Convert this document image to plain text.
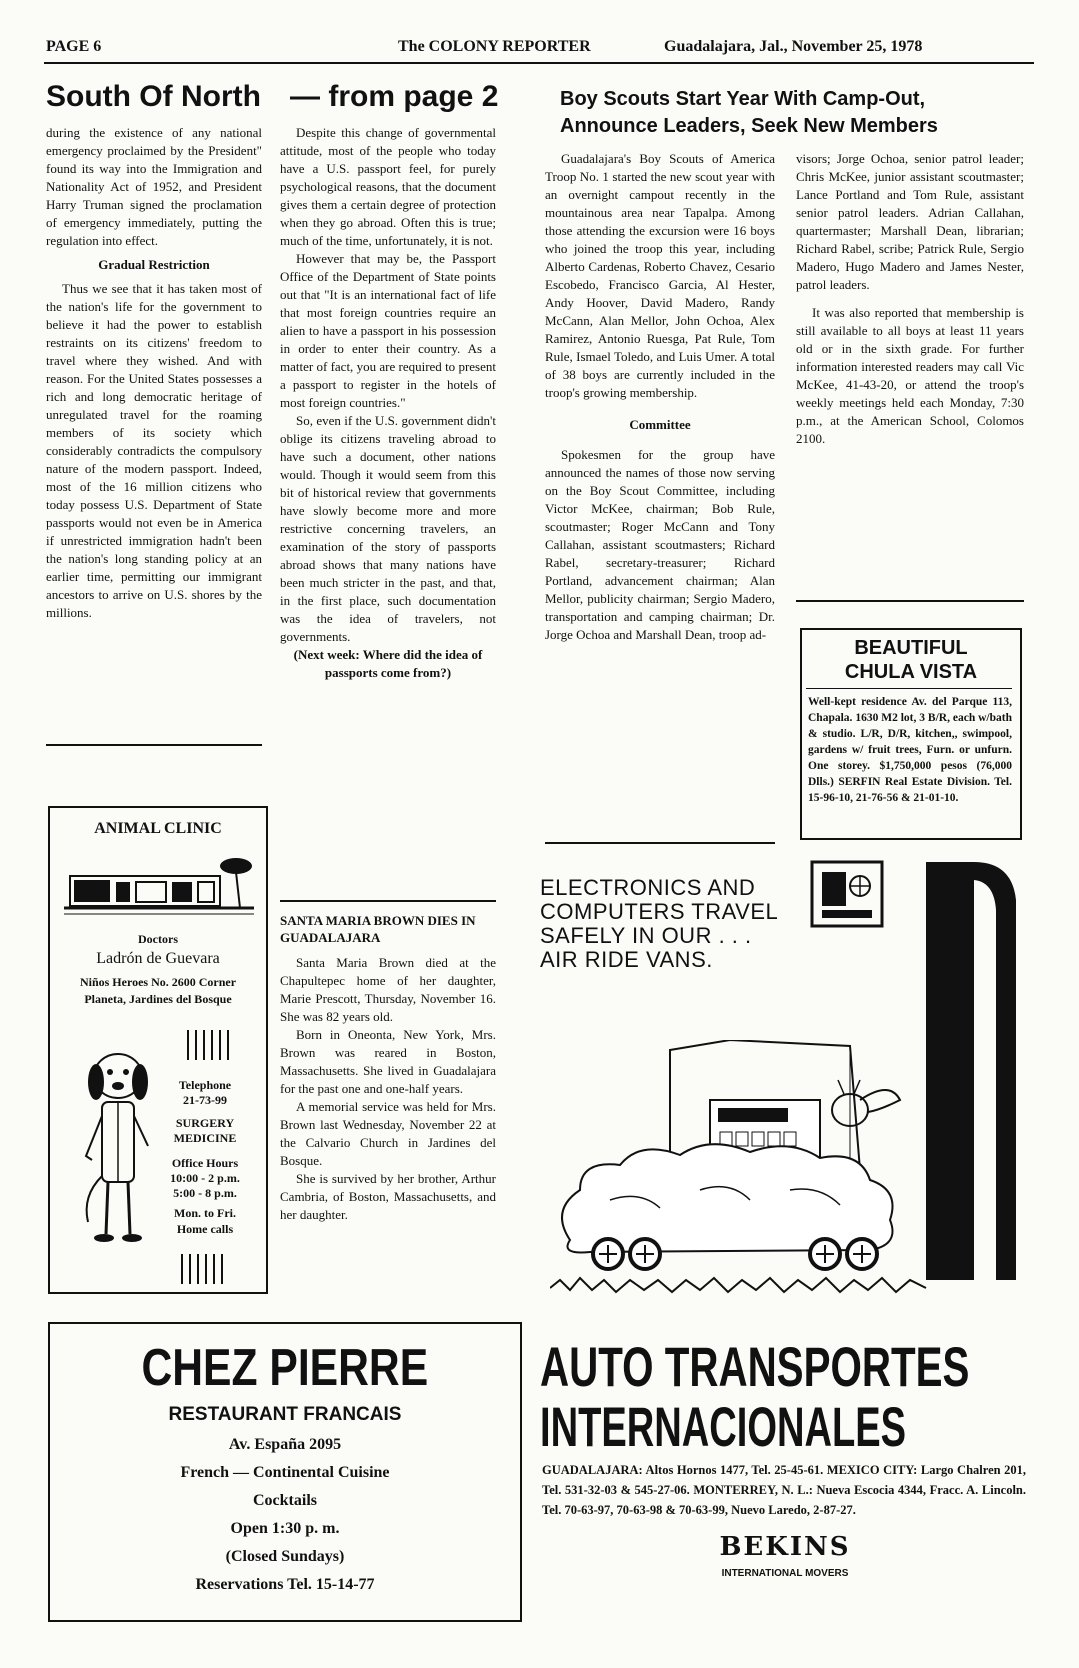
PAGE 6	The COLONY REPORTER	Guadalajara, Jal., November 25, 1978
South Of North — from page 2

during the existence of any national emergency proclaimed by the President" found its way into the Immigration and Nationality Act of 1952, and President Harry Truman signed the proclamation of emergency immediately, putting the regulation into effect.

Gradual Restriction

Thus we see that it has taken most of the nation's life for the government to believe it had the power to establish restraints on its citizens' freedom to travel where they wished. And with reason. For the United States possesses a rich and long democratic heritage of unregulated travel for the roaming members of its society which considerably contradicts the compulsory nature of the modern passport. Indeed, most of the 16 million citizens who today possess U.S. Department of State passports would not even be in America if unrestricted immigration hadn't been the nation's long standing policy at an earlier time, permitting our immigrant ancestors to arrive on U.S. shores by the millions.

Despite this change of governmental attitude, most of the people who today have a U.S. passport feel, for purely psychological reasons, that the document gives them a certain degree of protection when they go abroad. Often this is true; much of the time, unfortunately, it is not.

However that may be, the Passport Office of the Department of State points out that "It is an international fact of life that most foreign countries require an alien to have a passport in his possession in order to enter their country. As a matter of fact, you are required to present a passport to register in the hotels of most foreign countries."

So, even if the U.S. government didn't oblige its citizens traveling abroad to have such a document, other nations would. Though it would seem from this bit of historical review that governments have slowly become more and more restrictive concerning travelers, an examination of the story of passports abroad shows that many nations have been much stricter in the past, and that, in the first place, such documentation was the idea of travelers, not governments.

(Next week: Where did the idea of passports come from?)

SANTA MARIA BROWN DIES IN GUADALAJARA

Santa Maria Brown died at the Chapultepec home of her daughter, Marie Prescott, Thursday, November 16. She was 82 years old.

Born in Oneonta, New York, Mrs. Brown was reared in Boston, Massachusetts. She lived in Guadalajara for the past one and one-half years.

A memorial service was held for Mrs. Brown last Wednesday, November 22 at the Calvario Church in Jardines del Bosque.

She is survived by her brother, Arthur Cambria, of Boston, Massachusetts, and her daughter.

Boy Scouts Start Year With Camp-Out, Announce Leaders, Seek New Members

Guadalajara's Boy Scouts of America Troop No. 1 started the new scout year with an overnight campout recently in the mountainous area near Tapalpa. Among those attending the excursion were 16 boys who joined the troop this year, including Alberto Cardenas, Roberto Chavez, Cesario Escobedo, Francisco Garcia, Al Hester, Andy Hoover, David Madero, Randy McCann, Alan Mellor, John Ochoa, Alex Ramirez, Antonio Ruesga, Pat Rule, Tom Rule, Ismael Toledo, and Luis Umer. A total of 38 boys are currently included in the troop's growing membership.

Committee

Spokesmen for the group have announced the names of those now serving on the Boy Scout Committee, including Victor McKee, chairman; Bob Rule, scoutmaster; Roger McCann and Tony Callahan, assistant scoutmasters; Richard Rabel, secretary-treasurer; Richard Portland, advancement chairman; Alan Mellor, publicity chairman; Sergio Madero, transportation and camping chairman; Dr. Jorge Ochoa and Marshall Dean, troop ad-

visors; Jorge Ochoa, senior patrol leader; Chris McKee, junior assistant scoutmaster; Lance Portland and Tom Rule, assistant senior patrol leaders. Adrian Callahan, quartermaster; Marshall Dean, librarian; Richard Rabel, scribe; Patrick Rule, Sergio Madero, Hugo Madero and James Nester, patrol leaders.

It was also reported that membership is still available to all boys at least 11 years old or in the sixth grade. For further information interested readers may call Vic McKee, 41-43-20, or attend the troop's weekly meetings held each Monday, 7:30 p.m., at the American School, Colomos 2100.

BEAUTIFUL
CHULA VISTA
Well-kept residence Av. del Parque 113, Chapala. 1630 M2 lot, 3 B/R, each w/bath & studio. L/R, D/R, kitchen,, swimpool, gardens w/ fruit trees, Furn. or unfurn. One storey. $1,750,000 pesos (76,000 Dlls.) SERFIN Real Estate Division. Tel. 15-96-10, 21-76-56 & 21-01-10.
ANIMAL CLINIC
Doctors
Ladrón de Guevara
Niños Heroes No. 2600 Corner Planeta, Jardines del Bosque
Telephone
21-73-99
SURGERY MEDICINE
Office Hours
10:00 - 2 p.m.
5:00 - 8 p.m.
Mon. to Fri.
Home calls
CHEZ PIERRE
RESTAURANT FRANCAIS
Av. España 2095
French — Continental Cuisine
Cocktails
Open 1:30 p. m.
(Closed Sundays)
Reservations Tel. 15-14-77
ELECTRONICS AND COMPUTERS TRAVEL SAFELY IN OUR . . . AIR RIDE VANS.
AUTO TRANSPORTES
INTERNACIONALES
GUADALAJARA: Altos Hornos 1477, Tel. 25-45-61. MEXICO CITY: Largo Chalren 201, Tel. 531-32-03 & 545-27-06. MONTERREY, N. L.: Nueva Escocia 4344, Fracc. A. Lincoln. Tel. 70-63-97, 70-63-98 & 70-63-99, Nuevo Laredo, 2-87-27.
BEKINS
INTERNATIONAL MOVERS
